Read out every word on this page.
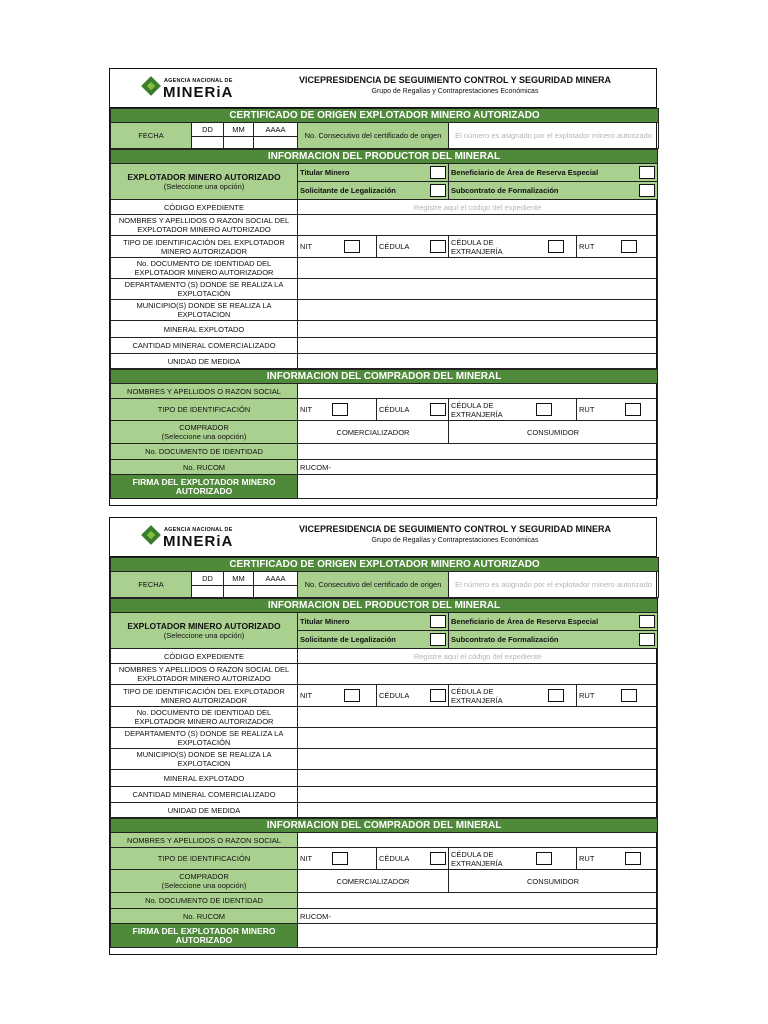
AGENCIA NACIONAL DE
MINERiA
VICEPRESIDENCIA DE SEGUIMIENTO CONTROL Y SEGURIDAD MINERA
Grupo de Regalías y Contraprestaciones Económicas
CERTIFICADO DE ORIGEN EXPLOTADOR MINERO AUTORIZADO					
FECHA	DD	MM	AAAA	No. Consecutivo del certificado de origen	El número es asignado por el explotador minero autorizado

INFORMACION DEL PRODUCTOR DEL MINERAL				

EXPLOTADOR MINERO AUTORIZADO
(Seleccione una opción)	Titular Minero		Beneficiario de Área de Reserva Especial	

	Solicitante de Legalización		Subcontrato de Formalización	

CÓDIGO EXPEDIENTE	Registre aquí el código del expediente			
NOMBRES Y APELLIDOS O RAZON SOCIAL DEL EXPLOTADOR MINERO AUTORIZADO				
TIPO DE IDENTIFICACIÓN DEL EXPLOTADOR MINERO AUTORIZADOR	NIT	CÉDULA	CÉDULA DE EXTRANJERÍA	RUT

No. DOCUMENTO DE IDENTIDAD DEL EXPLOTADOR MINERO AUTORIZADOR				
DEPARTAMENTO (S) DONDE SE REALIZA LA EXPLOTACIÓN				
MUNICIPIO(S) DONDE SE REALIZA LA EXPLOTACION				
MINERAL EXPLOTADO				
CANTIDAD MINERAL COMERCIALIZADO				
UNIDAD DE MEDIDA				
INFORMACION DEL COMPRADOR DEL MINERAL				
NOMBRES Y APELLIDOS O RAZON SOCIAL				
TIPO DE IDENTIFICACIÓN	NIT	CÉDULA	CÉDULA DE EXTRANJERÍA	RUT

COMPRADOR
(Seleccione una oopción)	COMERCIALIZADOR		CONSUMIDOR	
No. DOCUMENTO DE IDENTIDAD				
No. RUCOM	RUCOM-			
FIRMA DEL EXPLOTADOR MINERO AUTORIZADO				
AGENCIA NACIONAL DE
MINERiA
VICEPRESIDENCIA DE SEGUIMIENTO CONTROL Y SEGURIDAD MINERA
Grupo de Regalías y Contraprestaciones Económicas
CERTIFICADO DE ORIGEN EXPLOTADOR MINERO AUTORIZADO					
FECHA	DD	MM	AAAA	No. Consecutivo del certificado de origen	El número es asignado por el explotador minero autorizado

INFORMACION DEL PRODUCTOR DEL MINERAL				

EXPLOTADOR MINERO AUTORIZADO
(Seleccione una opción)	Titular Minero		Beneficiario de Área de Reserva Especial	

	Solicitante de Legalización		Subcontrato de Formalización	

CÓDIGO EXPEDIENTE	Registre aquí el código del expediente			
NOMBRES Y APELLIDOS O RAZON SOCIAL DEL EXPLOTADOR MINERO AUTORIZADO				
TIPO DE IDENTIFICACIÓN DEL EXPLOTADOR MINERO AUTORIZADOR	NIT	CÉDULA	CÉDULA DE EXTRANJERÍA	RUT

No. DOCUMENTO DE IDENTIDAD DEL EXPLOTADOR MINERO AUTORIZADOR				
DEPARTAMENTO (S) DONDE SE REALIZA LA EXPLOTACIÓN				
MUNICIPIO(S) DONDE SE REALIZA LA EXPLOTACION				
MINERAL EXPLOTADO				
CANTIDAD MINERAL COMERCIALIZADO				
UNIDAD DE MEDIDA				
INFORMACION DEL COMPRADOR DEL MINERAL				
NOMBRES Y APELLIDOS O RAZON SOCIAL				
TIPO DE IDENTIFICACIÓN	NIT	CÉDULA	CÉDULA DE EXTRANJERÍA	RUT

COMPRADOR
(Seleccione una oopción)	COMERCIALIZADOR		CONSUMIDOR	
No. DOCUMENTO DE IDENTIDAD				
No. RUCOM	RUCOM-			
FIRMA DEL EXPLOTADOR MINERO AUTORIZADO				
